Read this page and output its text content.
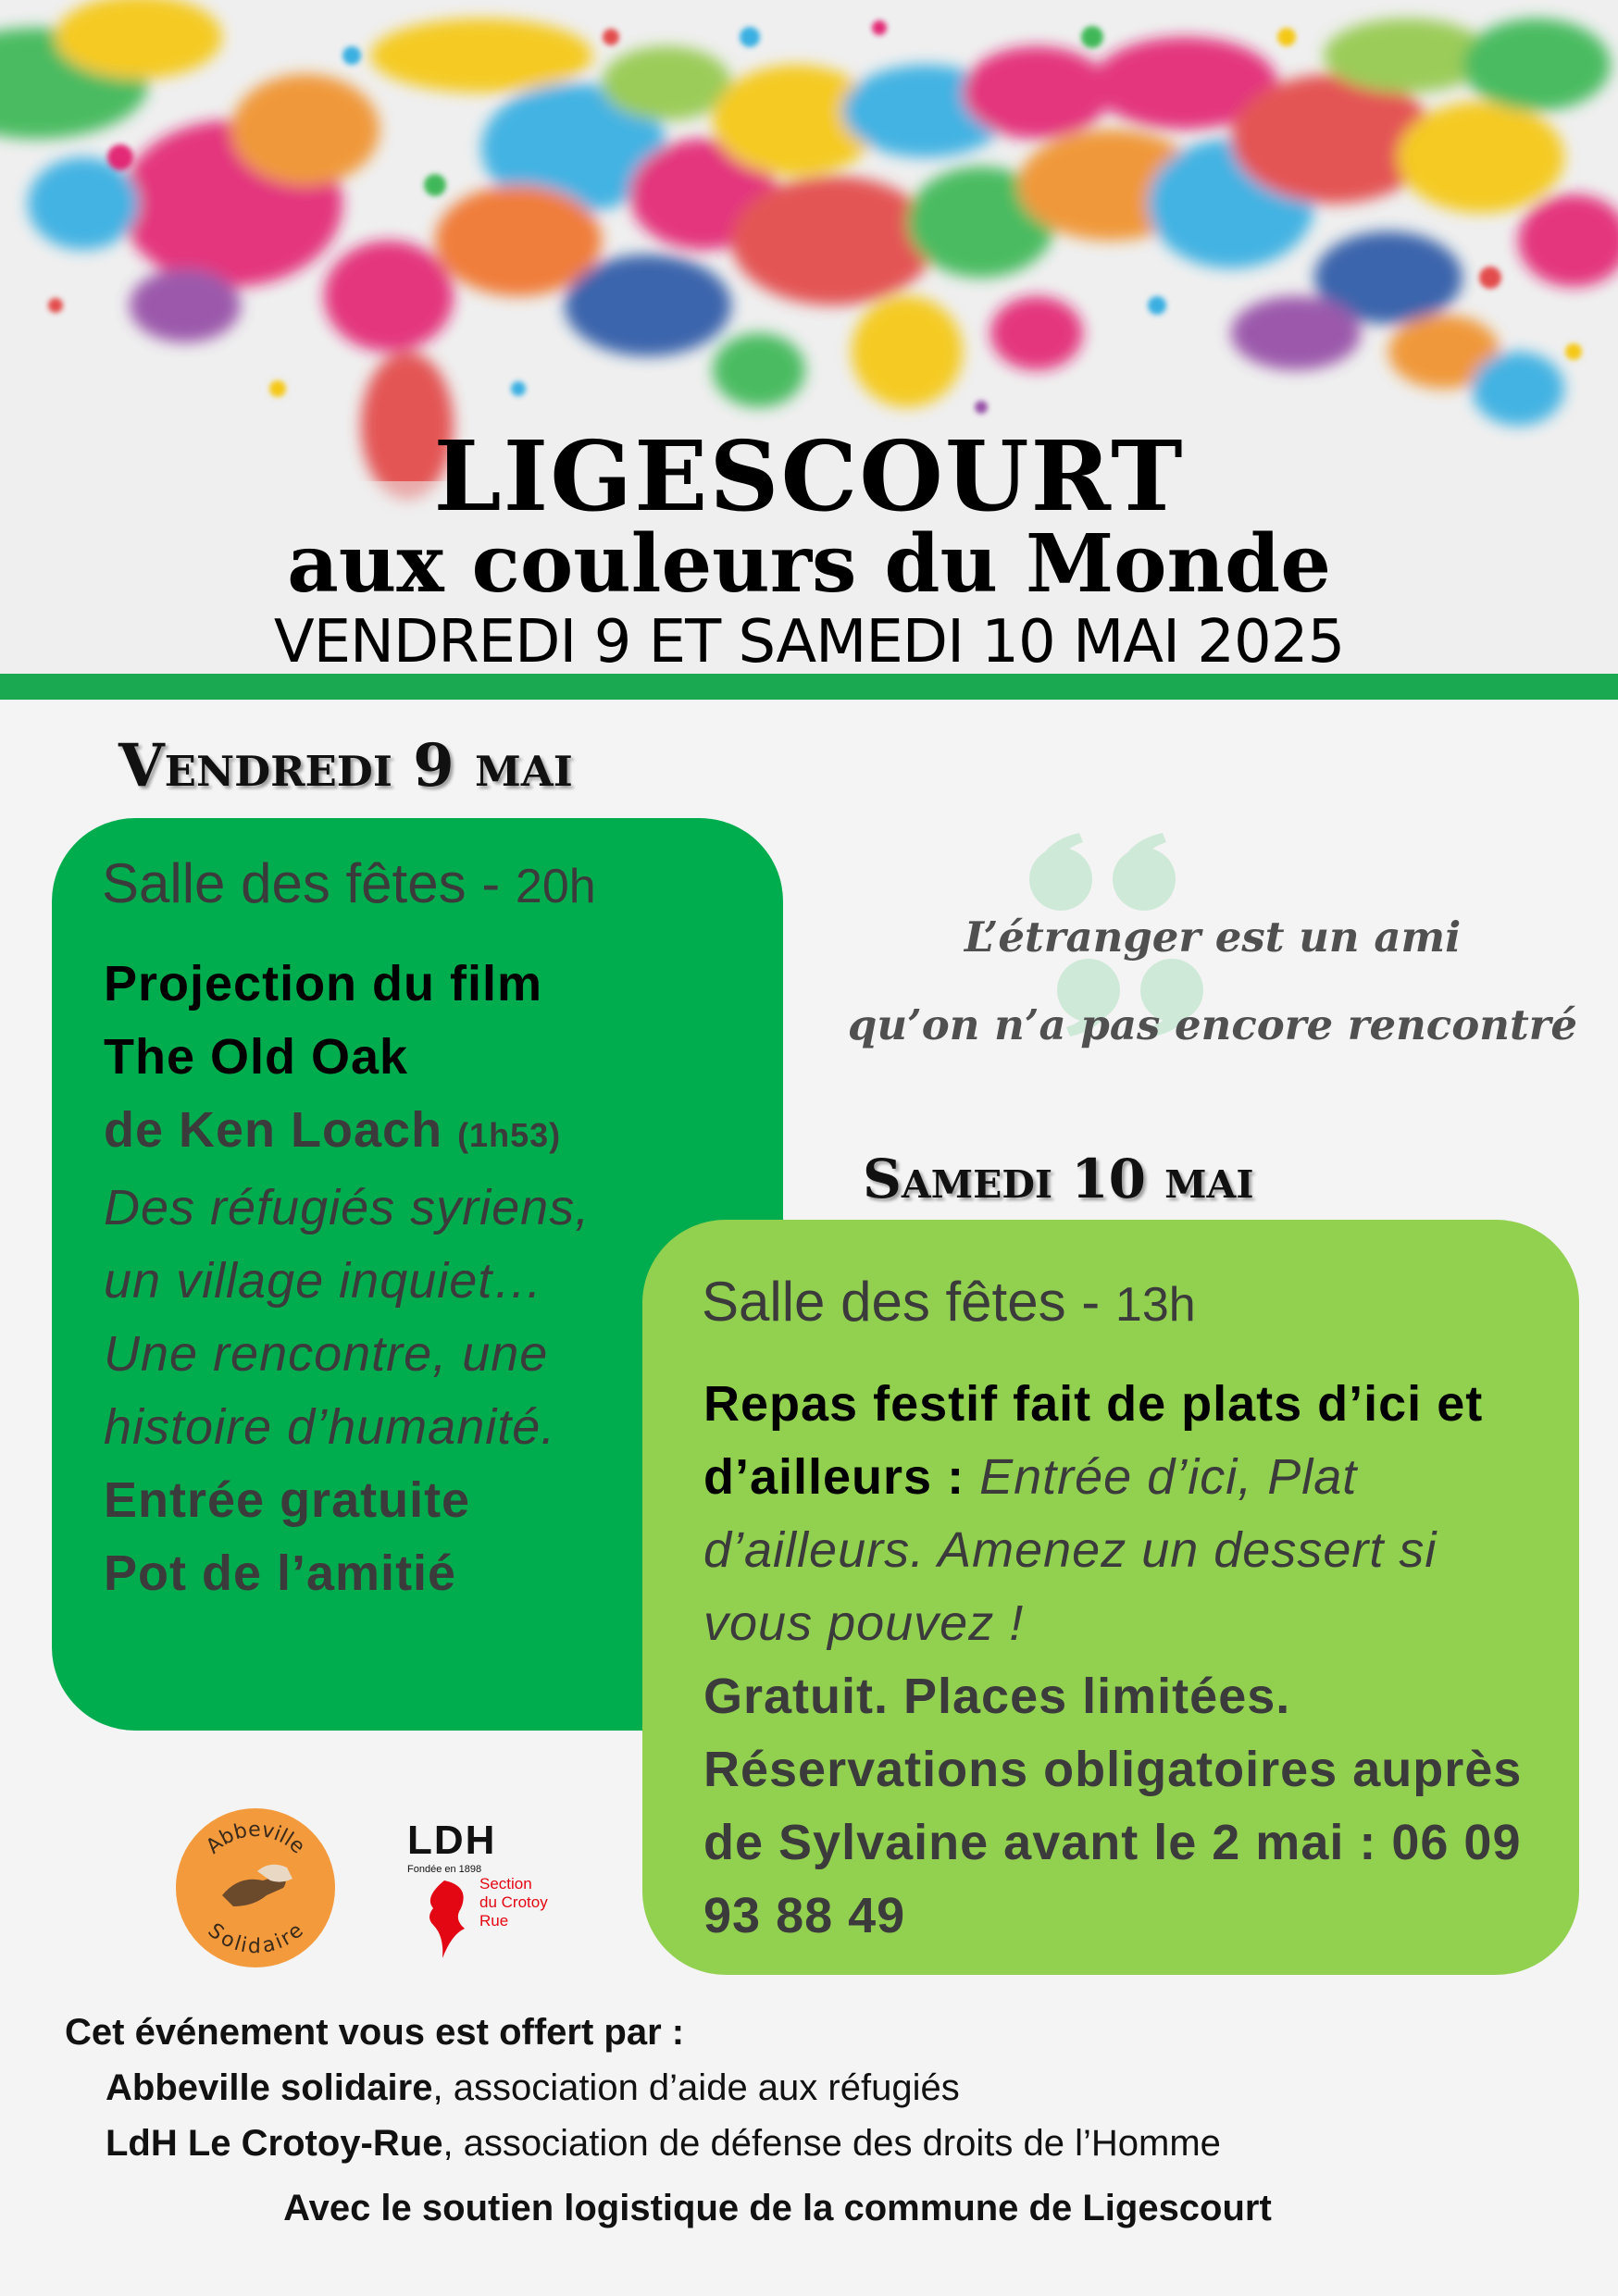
LIGESCOURT
aux couleurs du Monde
VENDREDI 9 ET SAMEDI 10 MAI 2025
Vendredi 9 mai
Salle des fêtes - 20h
Projection du film
The Old Oak
de Ken Loach (1h53)
Des réfugiés syriens,
un village inquiet…
Une rencontre, une
histoire d’humanité.
Entrée gratuite
Pot de l’amitié
L’étranger est un ami
qu’on n’a pas encore rencontré
Samedi 10 mai
Salle des fêtes - 13h
Repas festif fait de plats d’ici et d’ailleurs : Entrée d’ici, Plat d’ailleurs. Amenez un dessert si vous pouvez !
Gratuit. Places limitées. Réservations obligatoires auprès de Sylvaine avant le 2 mai : 06 09 93 88 49
Abbeville
Solidaire
LDH
Fondée en 1898
Section
du Crotoy
Rue
Cet événement vous est offert par :
Abbeville solidaire, association d’aide aux réfugiés
LdH Le Crotoy-Rue, association de défense des droits de l’Homme
Avec le soutien logistique de la commune de Ligescourt
